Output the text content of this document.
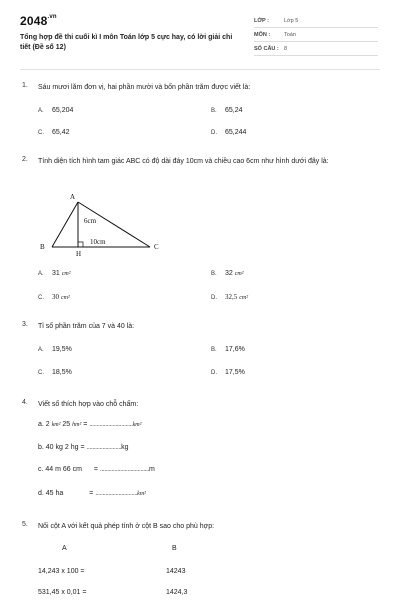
$2048^{.vn}$
Tổng hợp đề thi cuối kì I môn Toán lớp 5 cực hay, có lời giải chi tiết (Đề số 12)
LỚP :	Lớp 5
MÔN :	Toán
SỐ CÂU : 8
1. Sáu mươi lăm đơn vị, hai phần mười và bốn phần trăm được viết là:
A. 65,204	B. 65,24
C. 65,42	D. 65,244
2. Tính diện tích hình tam giác ABC có độ dài đáy 10cm và chiều cao 6cm như hình dưới đây là:
A
B	C
H
6cm
10cm
A. 31 cm²	B. 32 cm²
C. 30 cm²	D. 32,5 cm²
3. Tỉ số phần trăm của 7 và 40 là:
A. 19,5%	B. 17,6%
C. 18,5%	D. 17,5%
4. Viết số thích hợp vào chỗ chấm:
a. 2 km² 25 hm² = ..............................km²
b. 40 kg 2 hg = ........................kg
c. 44 m 66 cm = ..................................m
d. 45 ha	= .............................km²
5. Nối cột A với kết quả phép tính ở cột B sao cho phù hợp:
A	B
14,243 x 100 =	14243
531,45 x 0,01 =	1424,3
